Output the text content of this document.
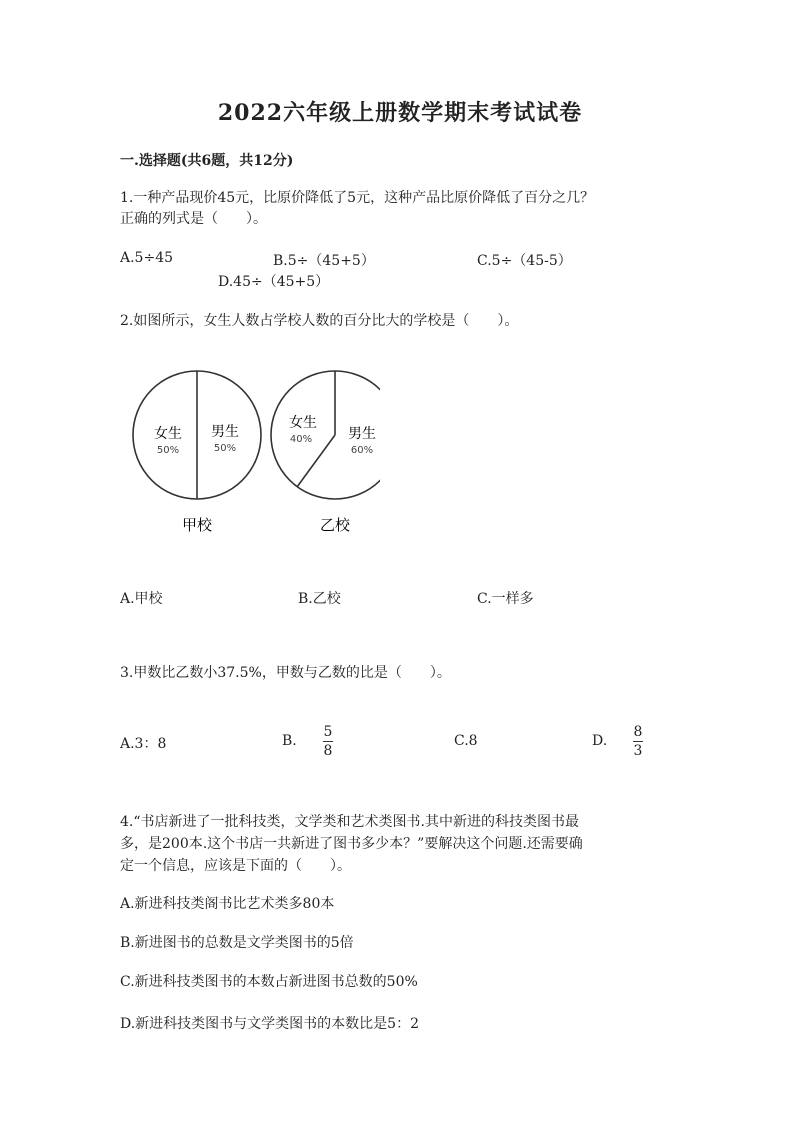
2022六年级上册数学期末考试试卷
一.选择题(共6题，共12分)
1.一种产品现价45元，比原价降低了5元，这种产品比原价降低了百分之几？
正确的列式是（　　）。
A.5÷45	B.5÷（45+5）	C.5÷（45-5）
D.45÷（45+5）
2.如图所示，女生人数占学校人数的百分比大的学校是（　　）。
女生
50%
男生
50%
甲校
女生
40%	男生
60%
乙校
A.甲校	B.乙校	C.一样多
3.甲数比乙数小37.5%，甲数与乙数的比是（　　）。
A.3：8	B.
5
8
C.8	D.
8
3
4.“书店新进了一批科技类，文学类和艺术类图书.其中新进的科技类图书最
多，是200本.这个书店一共新进了图书多少本？”要解决这个问题.还需要确
定一个信息，应该是下面的（　　）。
A.新进科技类阁书比艺术类多80本
B.新进图书的总数是文学类图书的5倍
C.新进科技类图书的本数占新进图书总数的50%
D.新进科技类图书与文学类图书的本数比是5：2
